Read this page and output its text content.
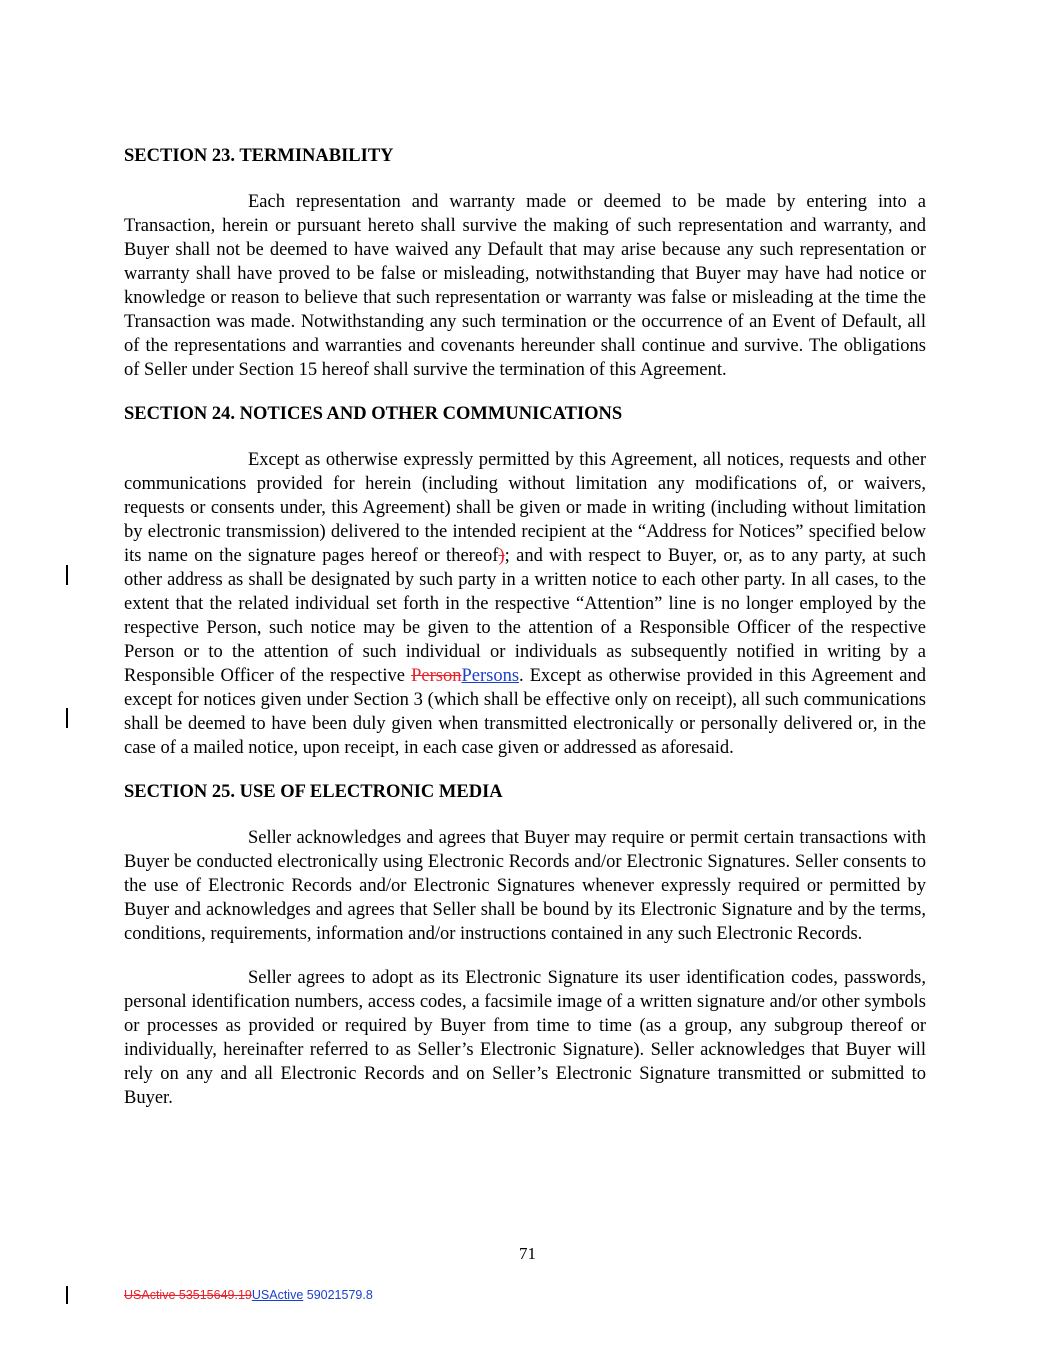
SECTION 23. TERMINABILITY

Each representation and warranty made or deemed to be made by entering into a Transaction, herein or pursuant hereto shall survive the making of such representation and warranty, and Buyer shall not be deemed to have waived any Default that may arise because any such representation or warranty shall have proved to be false or misleading, notwithstanding that Buyer may have had notice or knowledge or reason to believe that such representation or warranty was false or misleading at the time the Transaction was made. Notwithstanding any such termination or the occurrence of an Event of Default, all of the representations and warranties and covenants hereunder shall continue and survive. The obligations of Seller under Section 15 hereof shall survive the termination of this Agreement.

SECTION 24. NOTICES AND OTHER COMMUNICATIONS

Except as otherwise expressly permitted by this Agreement, all notices, requests and other communications provided for herein (including without limitation any modifications of, or waivers, requests or consents under, this Agreement) shall be given or made in writing (including without limitation by electronic transmission) delivered to the intended recipient at the “Address for Notices” specified below its name on the signature pages hereof or thereof); and with respect to Buyer, or, as to any party, at such other address as shall be designated by such party in a written notice to each other party. In all cases, to the extent that the related individual set forth in the respective “Attention” line is no longer employed by the respective Person, such notice may be given to the attention of a Responsible Officer of the respective Person or to the attention of such individual or individuals as subsequently notified in writing by a Responsible Officer of the respective PersonPersons. Except as otherwise provided in this Agreement and except for notices given under Section 3 (which shall be effective only on receipt), all such communications shall be deemed to have been duly given when transmitted electronically or personally delivered or, in the case of a mailed notice, upon receipt, in each case given or addressed as aforesaid.

SECTION 25. USE OF ELECTRONIC MEDIA

Seller acknowledges and agrees that Buyer may require or permit certain transactions with Buyer be conducted electronically using Electronic Records and/or Electronic Signatures. Seller consents to the use of Electronic Records and/or Electronic Signatures whenever expressly required or permitted by Buyer and acknowledges and agrees that Seller shall be bound by its Electronic Signature and by the terms, conditions, requirements, information and/or instructions contained in any such Electronic Records.

Seller agrees to adopt as its Electronic Signature its user identification codes, passwords, personal identification numbers, access codes, a facsimile image of a written signature and/or other symbols or processes as provided or required by Buyer from time to time (as a group, any subgroup thereof or individually, hereinafter referred to as Seller’s Electronic Signature). Seller acknowledges that Buyer will rely on any and all Electronic Records and on Seller’s Electronic Signature transmitted or submitted to Buyer.

71
USActive 53515649.19USActive 59021579.8
